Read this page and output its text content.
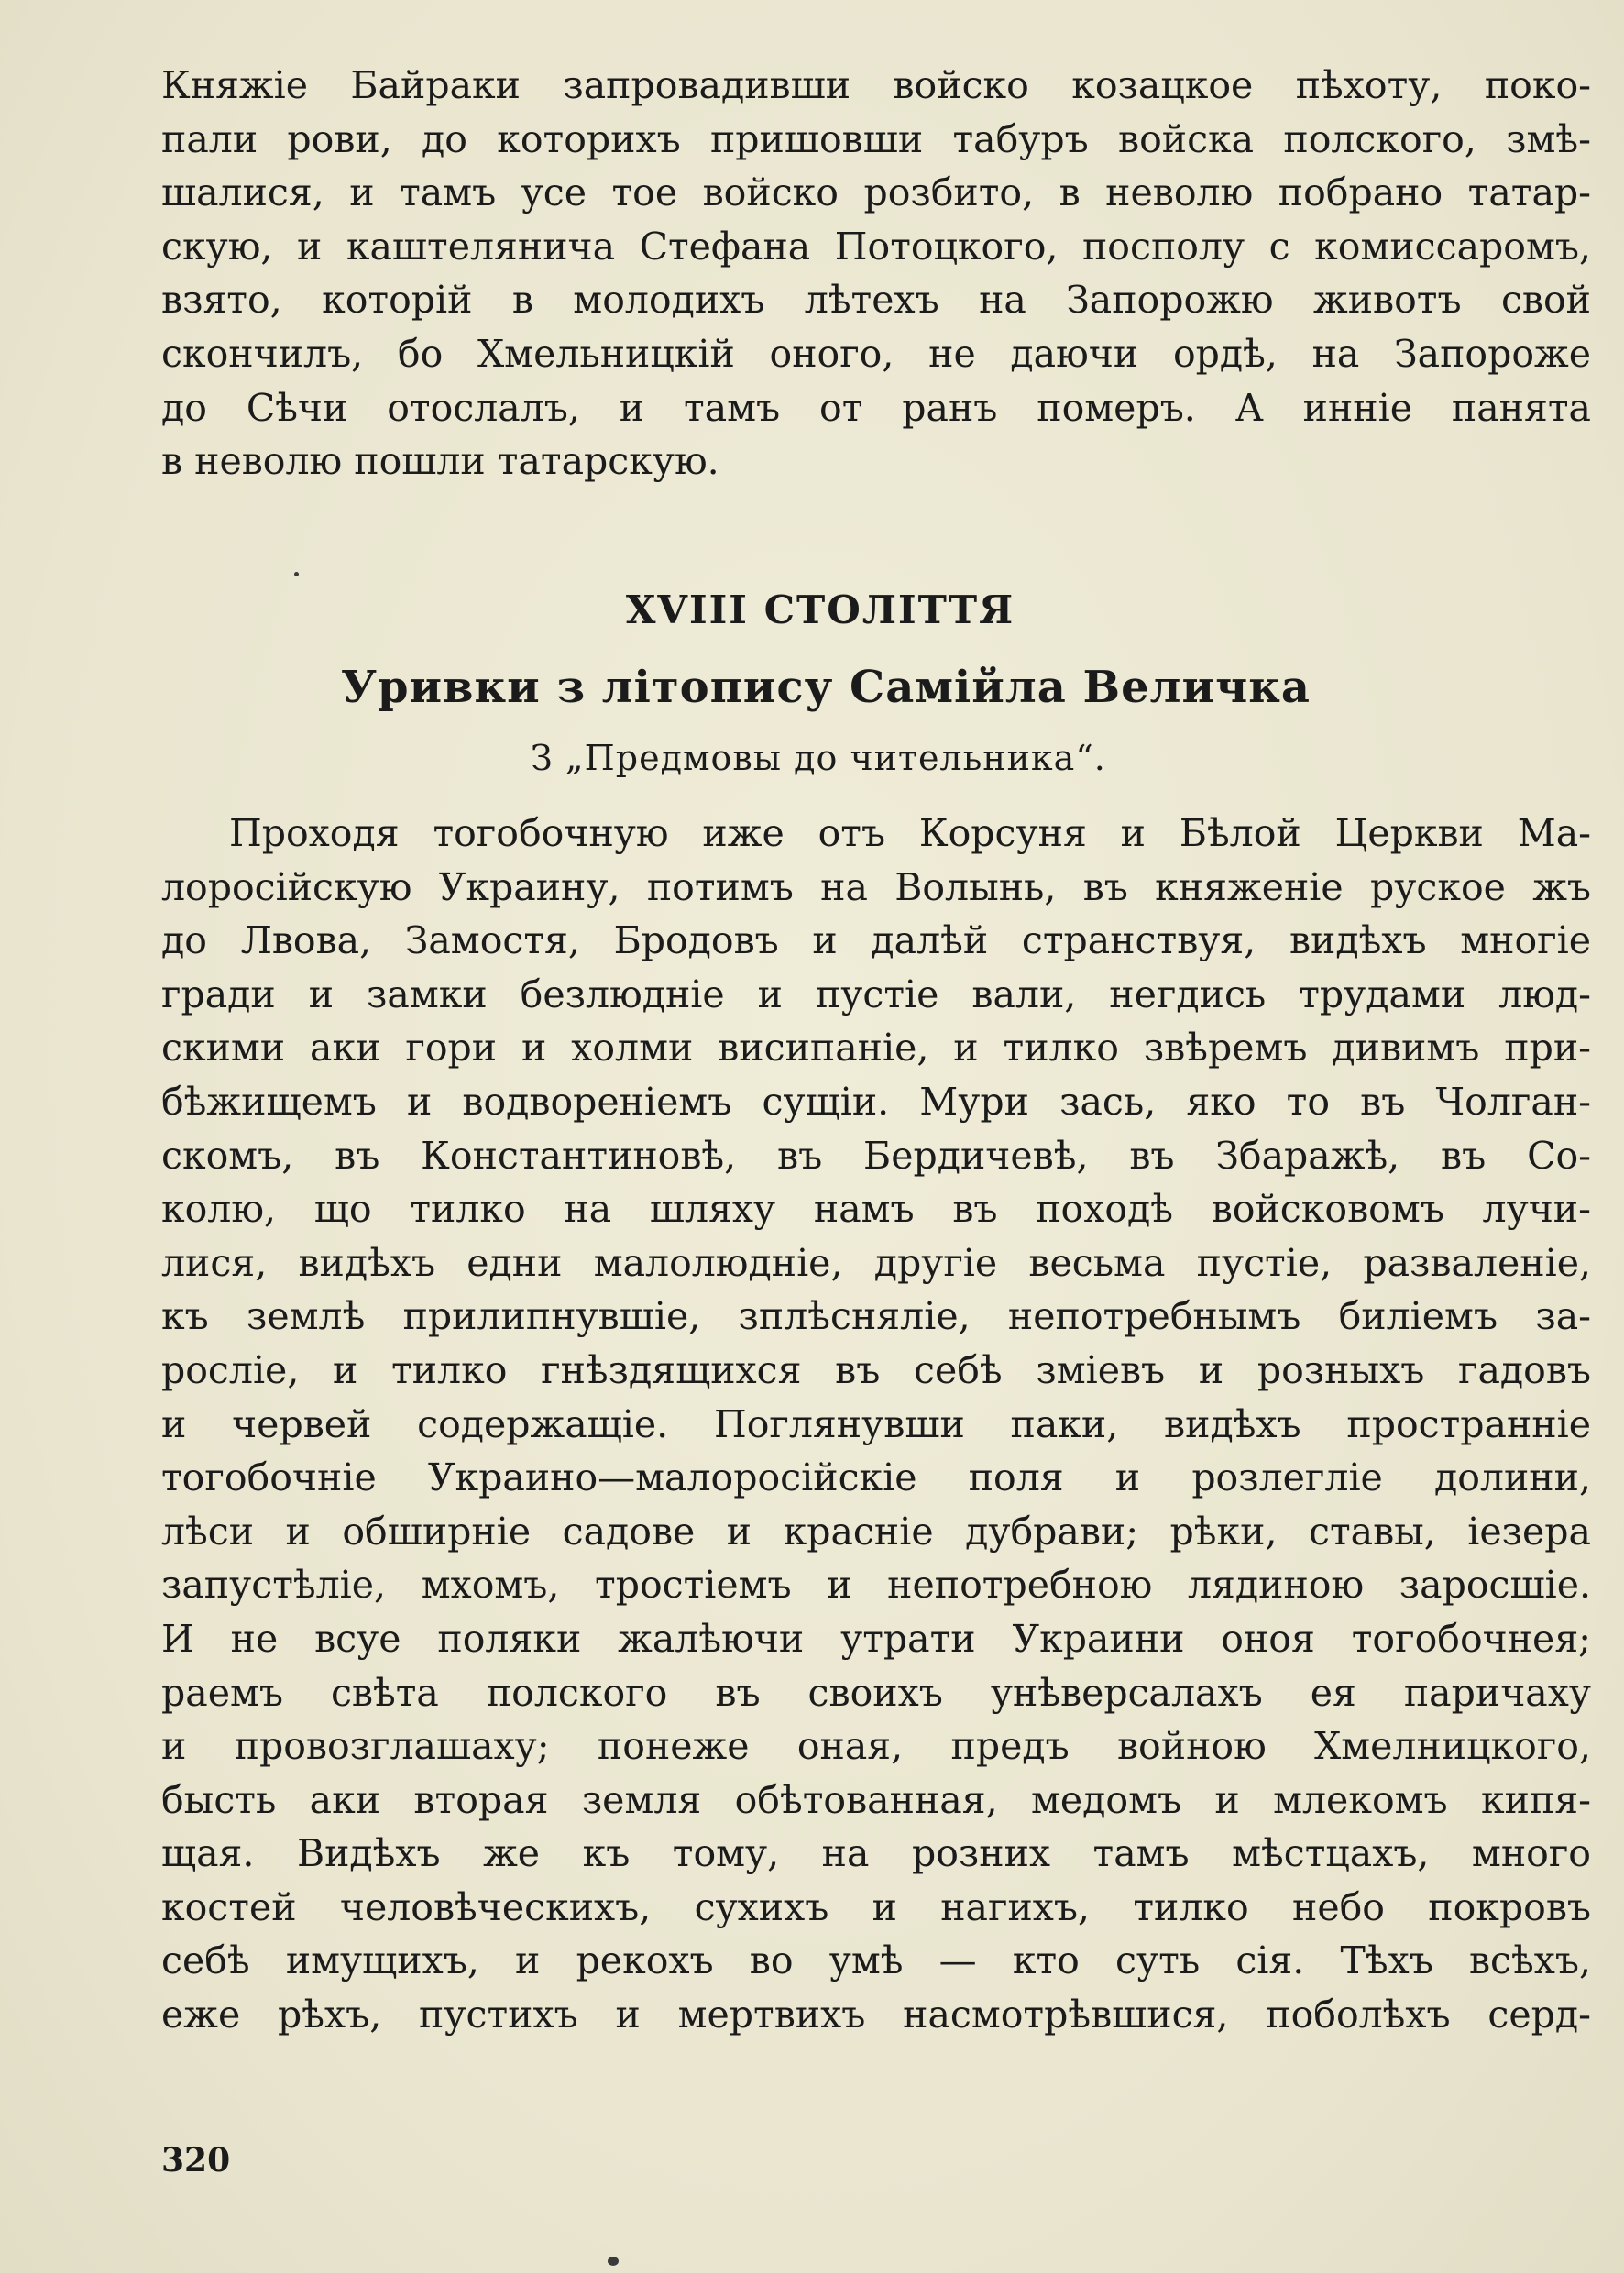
Княжіе Байраки запровадивши войско козацкое пѣхоту, поко-
пали рови, до которихъ пришовши табуръ войска полского, змѣ-
шалися, и тамъ усе тое войско розбито, в неволю побрано татар-
скую, и каштелянича Стефана Потоцкого, посполу с комиссаромъ,
взято, которій в молодихъ лѣтехъ на Запорожю животъ свой
скончилъ, бо Хмельницкій оного, не даючи ордѣ, на Запороже
до Сѣчи отослалъ, и тамъ от ранъ померъ. А инніе панята
в неволю пошли татарскую.
XVIII СТОЛІТТЯ
Уривки з літопису Самійла Величка
З „Предмовы до чительника“.
Проходя тогобочную иже отъ Корсуня и Бѣлой Церкви Ма-
лоросійскую Украину, потимъ на Волынь, въ княженіе руское жъ
до Лвова, Замостя, Бродовъ и далѣй странствуя, видѣхъ многіе
гради и замки безлюдніе и пустіе вали, негдись трудами люд-
скими аки гори и холми висипаніе, и тилко звѣремъ дивимъ при-
бѣжищемъ и водвореніемъ сущіи. Мури зась, яко то въ Чолган-
скомъ, въ Константиновѣ, въ Бердичевѣ, въ Збаражѣ, въ Со-
колю, що тилко на шляху намъ въ походѣ войсковомъ лучи-
лися, видѣхъ едни малолюдніе, другіе весьма пустіе, разваленіе,
къ землѣ прилипнувшіе, зплѣсняліе, непотребнымъ билiемъ за-
росліе, и тилко гнѣздящихся въ себѣ зміевъ и розныхъ гадовъ
и червей содержащіе. Поглянувши паки, видѣхъ пространніе
тогобочніе Украино—малоросійскіе поля и розлегліе долини,
лѣси и обширніе садове и красніе дубрави; рѣки, ставы, іезера
запустѣліе, мхомъ, тростіемъ и непотребною лядиною заросшіе.
И не всуе поляки жалѣючи утрати Украини оноя тогобочнея;
раемъ свѣта полского въ своихъ унѣверсалахъ ея паричаху
и провозглашаху; понеже оная, предъ войною Хмелницкого,
бысть аки вторая земля обѣтованная, медомъ и млекомъ кипя-
щая. Видѣхъ же къ тому, на розних тамъ мѣстцахъ, много
костей человѣческихъ, сухихъ и нагихъ, тилко небо покровъ
себѣ имущихъ, и рекохъ во умѣ — кто суть сія. Тѣхъ всѣхъ,
еже рѣхъ, пустихъ и мертвихъ насмотрѣвшися, поболѣхъ серд-
320
